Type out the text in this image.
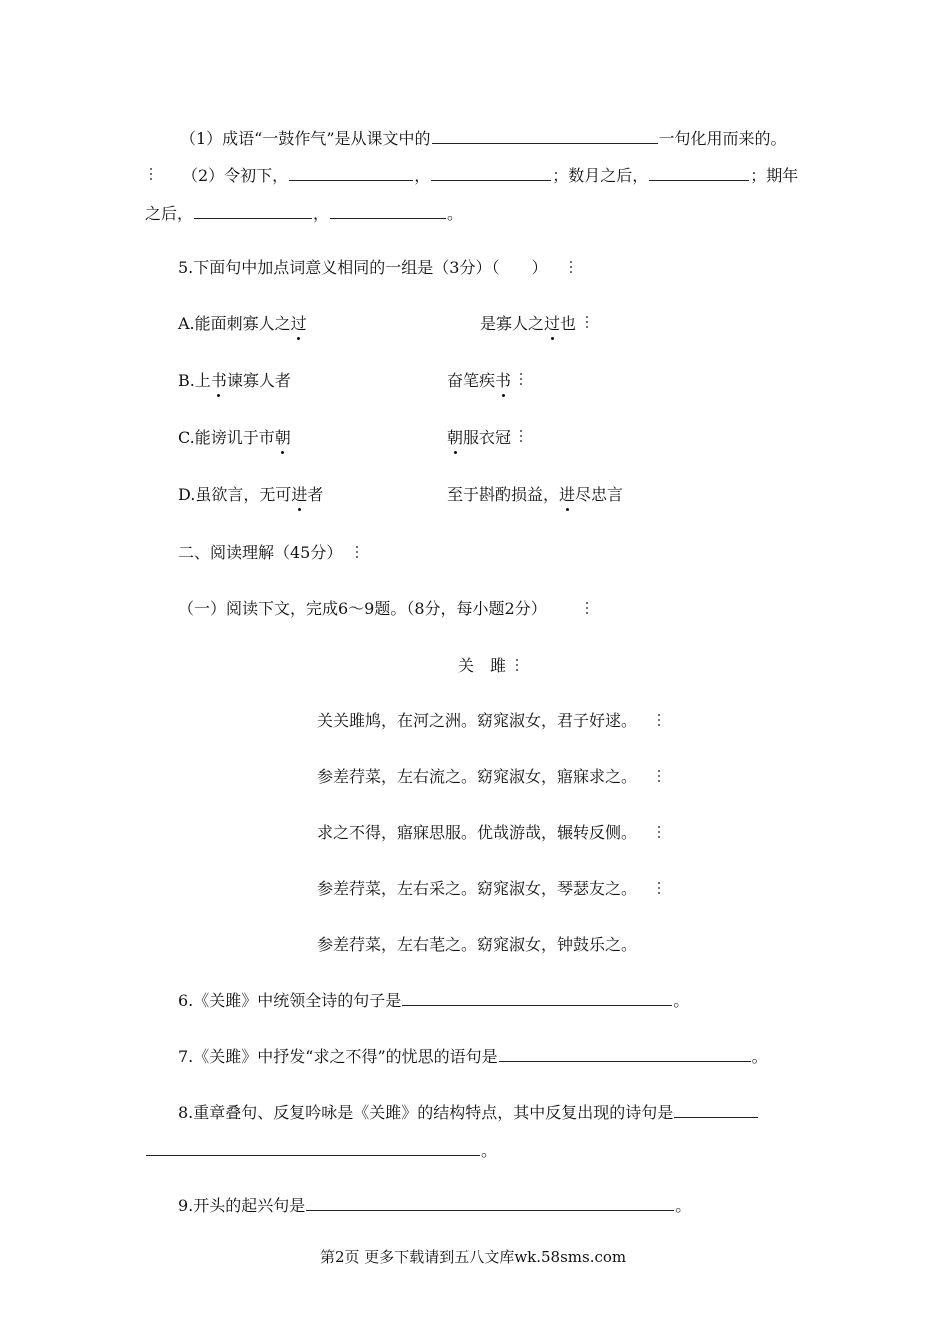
（1）成语“一鼓作气”是从课文中的	一句化用而来的。
（2）令初下，	，	；数月之后，	；期年
之后，	，	。
5.下面句中加点词意义相同的一组是（3分）（　　）
A.能面刺寡人之过	是寡人之过也
B.上书谏寡人者	奋笔疾书
C.能谤讥于市朝	朝服衣冠
D.虽欲言，无可进者	至于斟酌损益，进尽忠言
二、阅读理解（45分）
（一）阅读下文，完成6～9题。（8分，每小题2分）
关　雎
关关雎鸠，在河之洲。窈窕淑女，君子好逑。
参差荇菜，左右流之。窈窕淑女，寤寐求之。
求之不得，寤寐思服。优哉游哉，辗转反侧。
参差荇菜，左右采之。窈窕淑女，琴瑟友之。
参差荇菜，左右芼之。窈窕淑女，钟鼓乐之。
6.《关雎》中统领全诗的句子是	。
7.《关雎》中抒发“求之不得”的忧思的语句是	。
8.重章叠句、反复吟咏是《关雎》的结构特点，其中反复出现的诗句是
。
9.开头的起兴句是	。
第2页 更多下载请到五八文库wk.58sms.com
